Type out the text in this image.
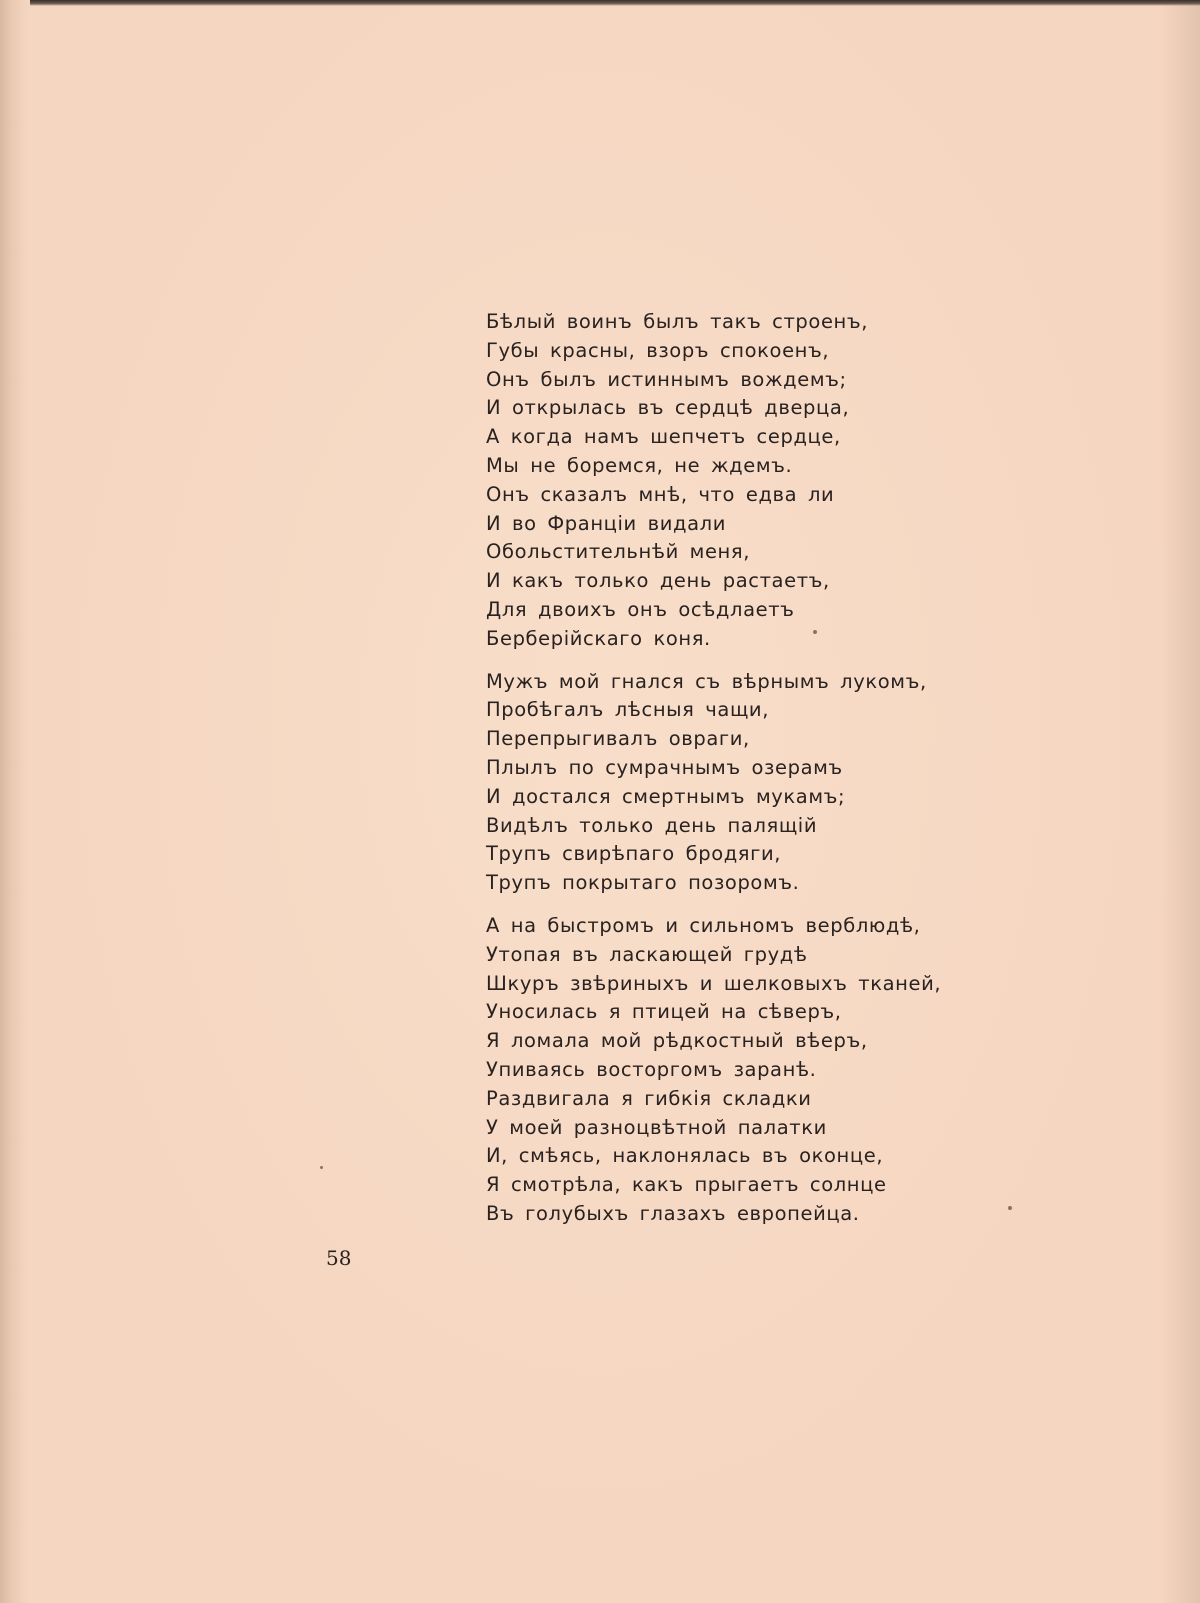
Бѣлый воинъ былъ такъ строенъ,
Губы красны, взоръ спокоенъ,
Онъ былъ истиннымъ вождемъ;
И открылась въ сердцѣ дверца,
А когда намъ шепчетъ сердце,
Мы не боремся, не ждемъ.
Онъ сказалъ мнѣ, что едва ли
И во Франціи видали
Обольстительнѣй меня,
И какъ только день растаетъ,
Для двоихъ онъ осѣдлаетъ
Берберійскаго коня.
Мужъ мой гнался съ вѣрнымъ лукомъ,
Пробѣгалъ лѣсныя чащи,
Перепрыгивалъ овраги,
Плылъ по сумрачнымъ озерамъ
И достался смертнымъ мукамъ;
Видѣлъ только день палящій
Трупъ свирѣпаго бродяги,
Трупъ покрытаго позоромъ.
А на быстромъ и сильномъ верблюдѣ,
Утопая въ ласкающей грудѣ
Шкуръ звѣриныхъ и шелковыхъ тканей,
Уносилась я птицей на сѣверъ,
Я ломала мой рѣдкостный вѣеръ,
Упиваясь восторгомъ заранѣ.
Раздвигала я гибкія складки
У моей разноцвѣтной палатки
И, смѣясь, наклонялась въ оконце,
Я смотрѣла, какъ прыгаетъ солнце
Въ голубыхъ глазахъ европейца.
58
